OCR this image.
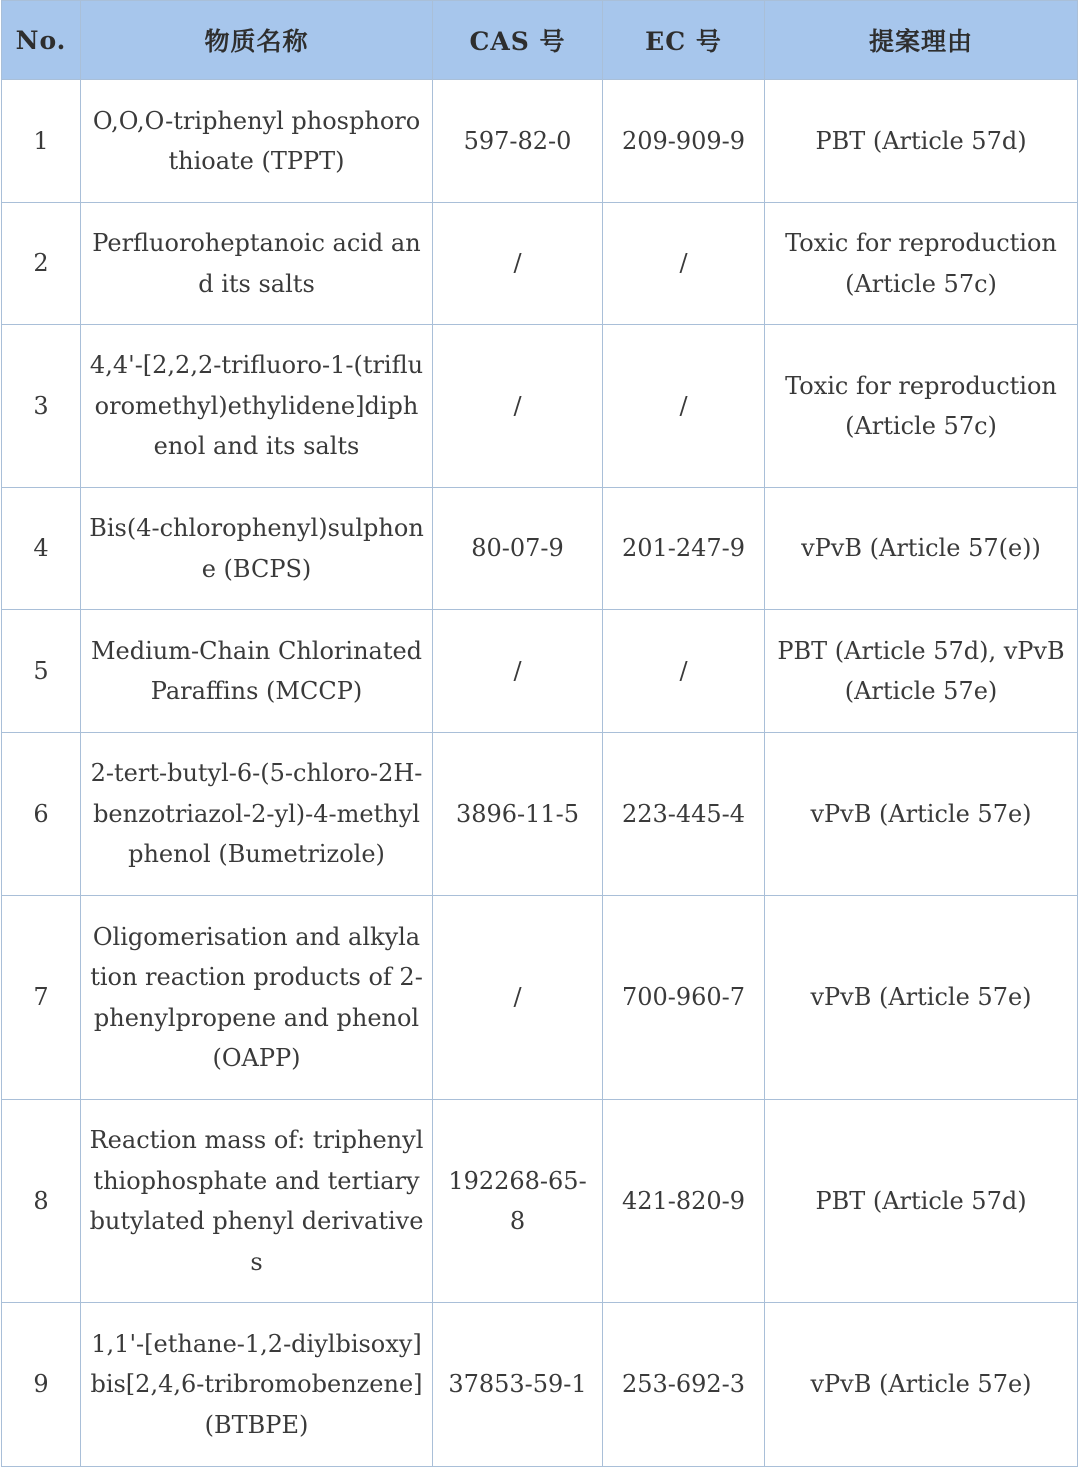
No.	物质名称	CAS 号	EC 号	提案理由
1	O,O,O-triphenyl phosphorothioate (TPPT)	597-82-0	209-909-9	PBT (Article 57d)
2	Perfluoroheptanoic acid and its salts	/	/	Toxic for reproduction (Article 57c)
3	4,4'-[2,2,2-trifluoro-1-(trifluoromethyl)ethylidene]diphenol and its salts	/	/	Toxic for reproduction (Article 57c)
4	Bis(4-chlorophenyl)sulphone (BCPS)	80-07-9	201-247-9	vPvB (Article 57(e))
5	Medium-Chain Chlorinated Paraffins (MCCP)	/	/	PBT (Article 57d), vPvB (Article 57e)
6	2-tert-butyl-6-(5-chloro-2H-benzotriazol-2-yl)-4-methylphenol (Bumetrizole)	3896-11-5	223-445-4	vPvB (Article 57e)
7	Oligomerisation and alkylation reaction products of 2-phenylpropene and phenol (OAPP)	/	700-960-7	vPvB (Article 57e)
8	Reaction mass of: triphenylthiophosphate and tertiary butylated phenyl derivatives	192268-65-8	421-820-9	PBT (Article 57d)
9	1,1'-[ethane-1,2-diylbisoxy]bis[2,4,6-tribromobenzene] (BTBPE)	37853-59-1	253-692-3	vPvB (Article 57e)
